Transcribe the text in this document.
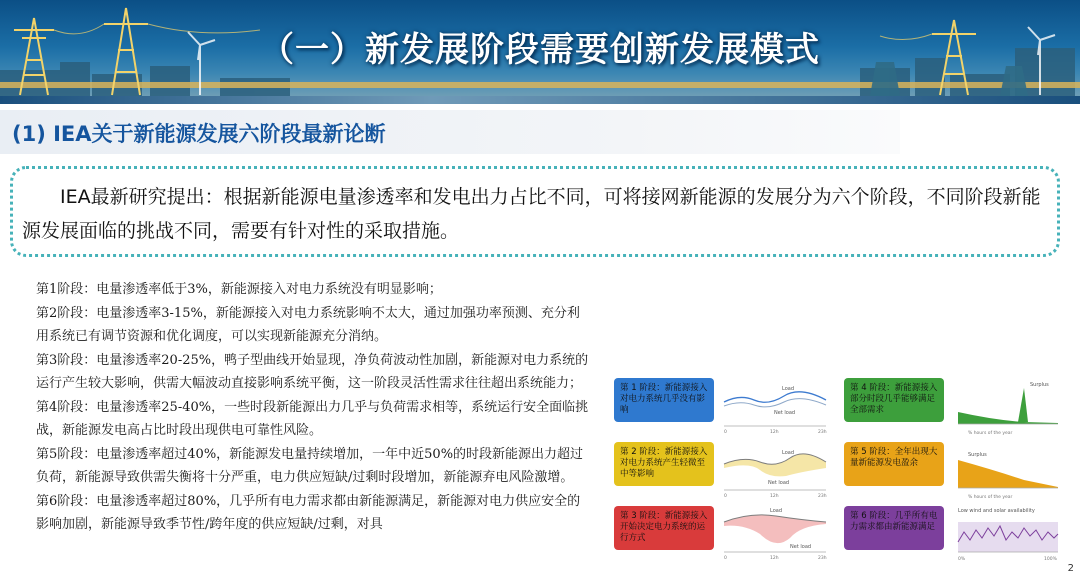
（一）新发展阶段需要创新发展模式
(1) IEA关于新能源发展六阶段最新论断
IEA最新研究提出：根据新能源电量渗透率和发电出力占比不同，可将接网新能源的发展分为六个阶段，不同阶段新能源发展面临的挑战不同，需要有针对性的采取措施。

第1阶段：电量渗透率低于3%，新能源接入对电力系统没有明显影响；

第2阶段：电量渗透率3-15%，新能源接入对电力系统影响不太大，通过加强功率预测、充分利用系统已有调节资源和优化调度，可以实现新能源充分消纳。

第3阶段：电量渗透率20-25%，鸭子型曲线开始显现，净负荷波动性加剧，新能源对电力系统的运行产生较大影响，供需大幅波动直接影响系统平衡，这一阶段灵活性需求往往超出系统能力；

第4阶段：电量渗透率25-40%，一些时段新能源出力几乎与负荷需求相等，系统运行安全面临挑战，新能源发电高占比时段出现供电可靠性风险。

第5阶段：电量渗透率超过40%，新能源发电量持续增加，一年中近50%的时段新能源出力超过负荷，新能源导致供需失衡将十分严重，电力供应短缺/过剩时段增加，新能源弃电风险激增。

第6阶段：电量渗透率超过80%，几乎所有电力需求都由新能源满足，新能源对电力供应安全的影响加剧，新能源导致季节性/跨年度的供应短缺/过剩，对具

第 1 阶段：新能源接入对电力系统几乎没有影响
Load
Net load
0	12h	23h
第 4 阶段：新能源接入部分时段几乎能够满足全部需求
Surplus
% hours of the year
第 2 阶段：新能源接入对电力系统产生轻微至中等影响
Load
Net load
0	12h	23h
第 5 阶段：全年出现大量新能源发电盈余
Surplus
% hours of the year
第 3 阶段：新能源接入开始决定电力系统的运行方式
Load
Net load
0	12h	23h
第 6 阶段：几乎所有电力需求都由新能源满足
Low wind and solar availability
0%	100%
2
